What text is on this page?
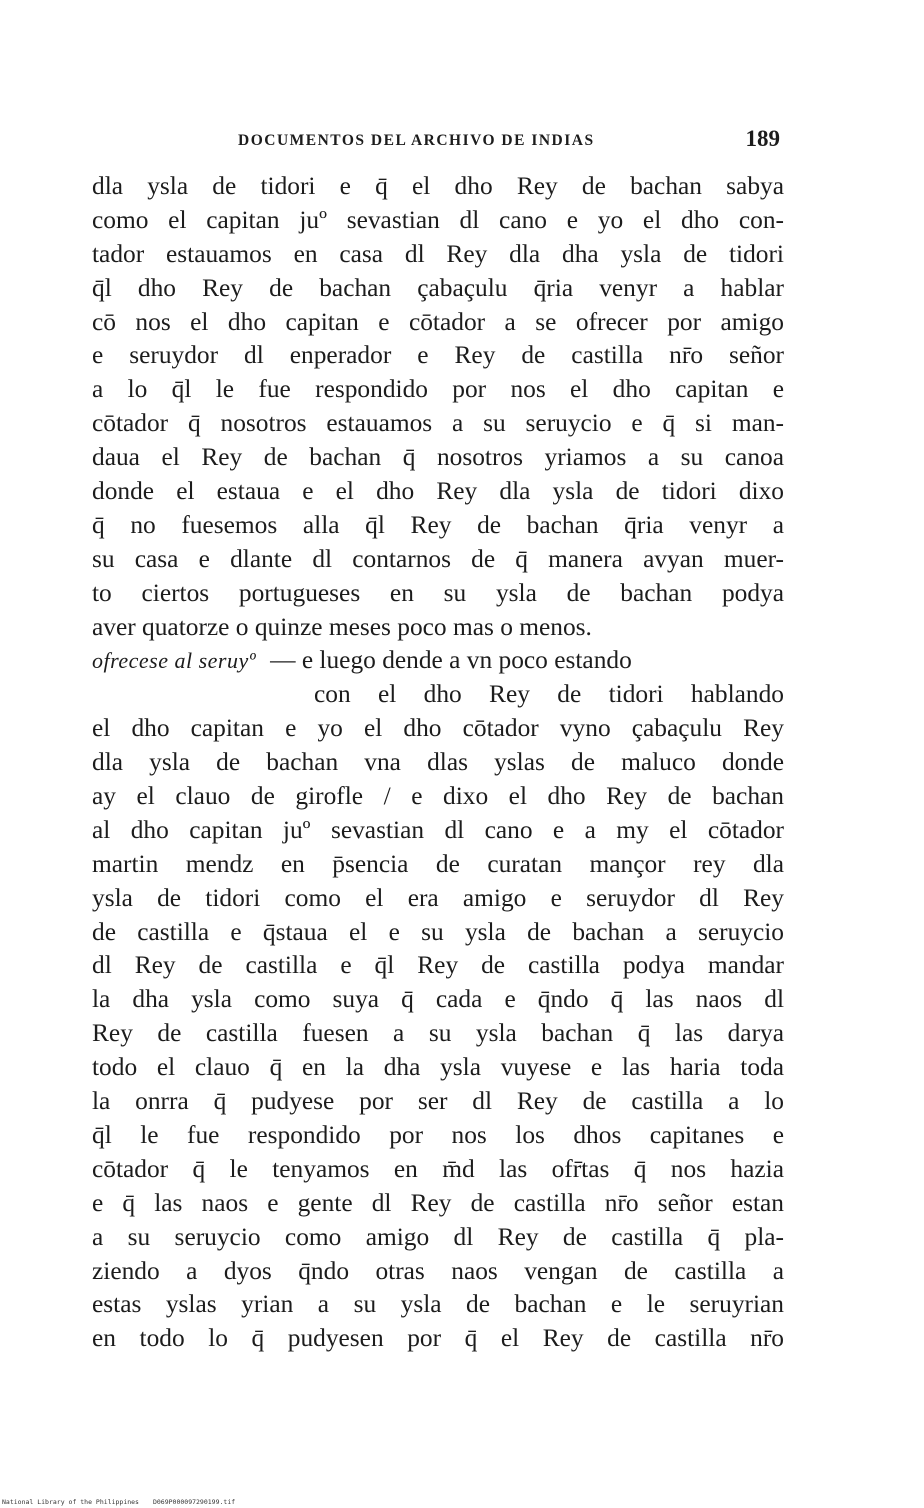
DOCUMENTOS DEL ARCHIVO DE INDIAS	189
dla ysla de tidori e q̄ el dho Rey de bachan sabya
como el capitan juº sevastian dl cano e yo el dho con-
tador estauamos en casa dl Rey dla dha ysla de tidori
q̄l dho Rey de bachan çabaçulu q̄ria venyr a hablar
cō nos el dho capitan e cōtador a se ofrecer por amigo
e seruydor dl enperador e Rey de castilla nr̄o señor
a lo q̄l le fue respondido por nos el dho capitan e
cōtador q̄ nosotros estauamos a su seruycio e q̄ si man-
daua el Rey de bachan q̄ nosotros yriamos a su canoa
donde el estaua e el dho Rey dla ysla de tidori dixo
q̄ no fuesemos alla q̄l Rey de bachan q̄ria venyr a
su casa e dlante dl contarnos de q̄ manera avyan muer-
to ciertos portugueses en su ysla de bachan podya
aver quatorze o quinze meses poco mas o menos.
ofrecese al seruyº — e luego dende a vn poco estando
con el dho Rey de tidori hablando
el dho capitan e yo el dho cōtador vyno çabaçulu Rey
dla ysla de bachan vna dlas yslas de maluco donde
ay el clauo de girofle / e dixo el dho Rey de bachan
al dho capitan juº sevastian dl cano e a my el cōtador
martin mendz en p̄sencia de curatan mançor rey dla
ysla de tidori como el era amigo e seruydor dl Rey
de castilla e q̄staua el e su ysla de bachan a seruycio
dl Rey de castilla e q̄l Rey de castilla podya mandar
la dha ysla como suya q̄ cada e q̄ndo q̄ las naos dl
Rey de castilla fuesen a su ysla bachan q̄ las darya
todo el clauo q̄ en la dha ysla vuyese e las haria toda
la onrra q̄ pudyese por ser dl Rey de castilla a lo
q̄l le fue respondido por nos los dhos capitanes e
cōtador q̄ le tenyamos en m̄d las ofr̄tas q̄ nos hazia
e q̄ las naos e gente dl Rey de castilla nr̄o señor estan
a su seruycio como amigo dl Rey de castilla q̄ pla-
ziendo a dyos q̄ndo otras naos vengan de castilla a
estas yslas yrian a su ysla de bachan e le seruyrian
en todo lo q̄ pudyesen por q̄ el Rey de castilla nr̄o
National Library of the Philippines D069P000097290199.tif
